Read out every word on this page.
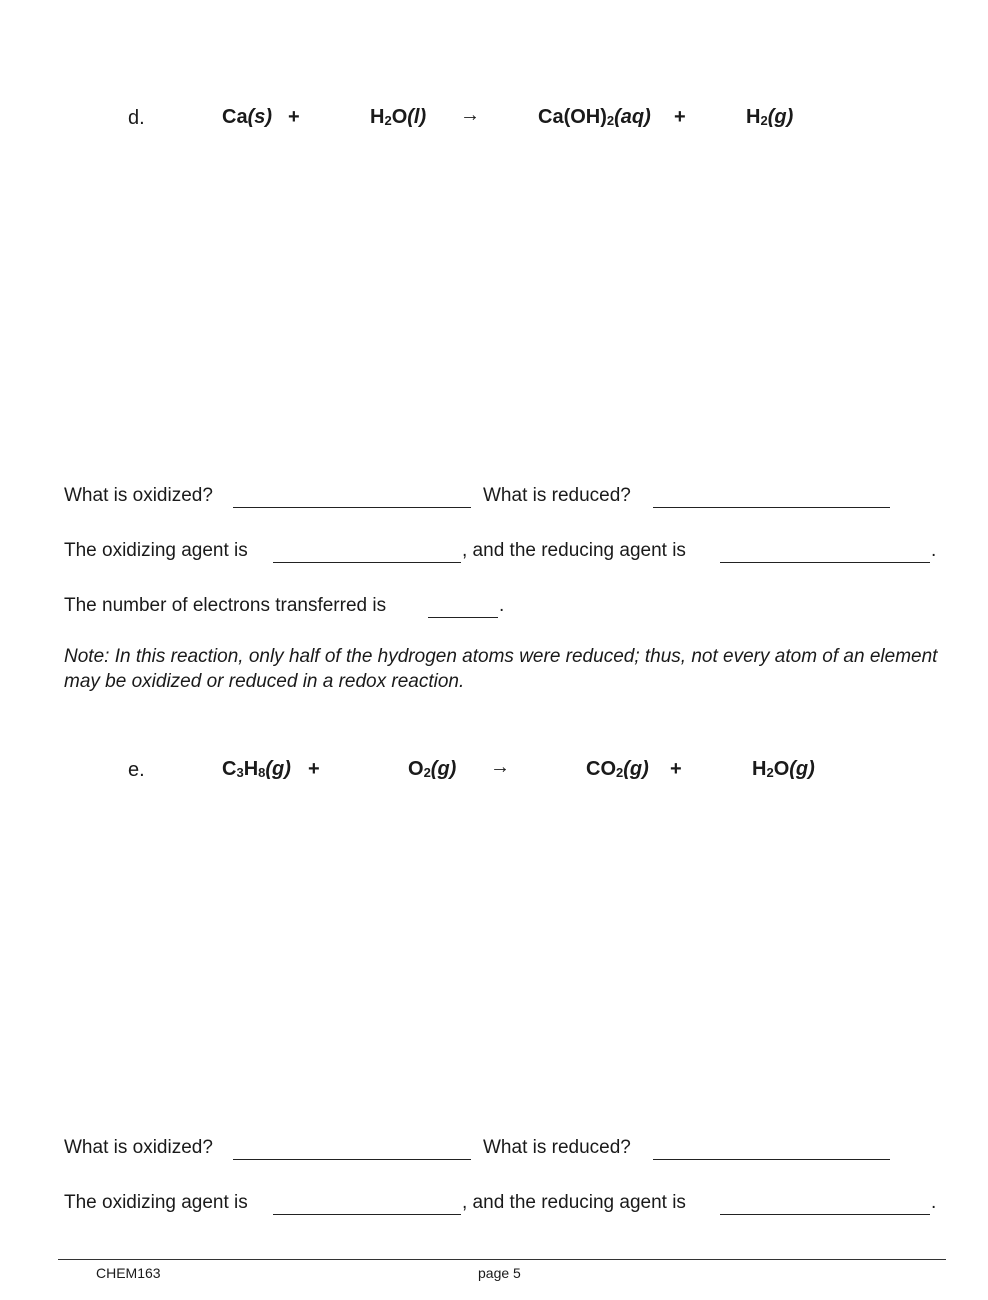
d.	Ca(s) +	$H_2O(l)$ →	$Ca(OH)_2(aq)$ +	$H_2(g)$
What is oxidized?	What is reduced?
The oxidizing agent is	, and the reducing agent is	.
The number of electrons transferred is	.
Note: In this reaction, only half of the hydrogen atoms were reduced; thus, not every atom of an element may be oxidized or reduced in a redox reaction.
e.	$C_3H_8(g)$ +	$O_2(g)$ →	$CO_2(g)$ +	$H_2O(g)$
What is oxidized?	What is reduced?
The oxidizing agent is	, and the reducing agent is	.
CHEM163	page 5
